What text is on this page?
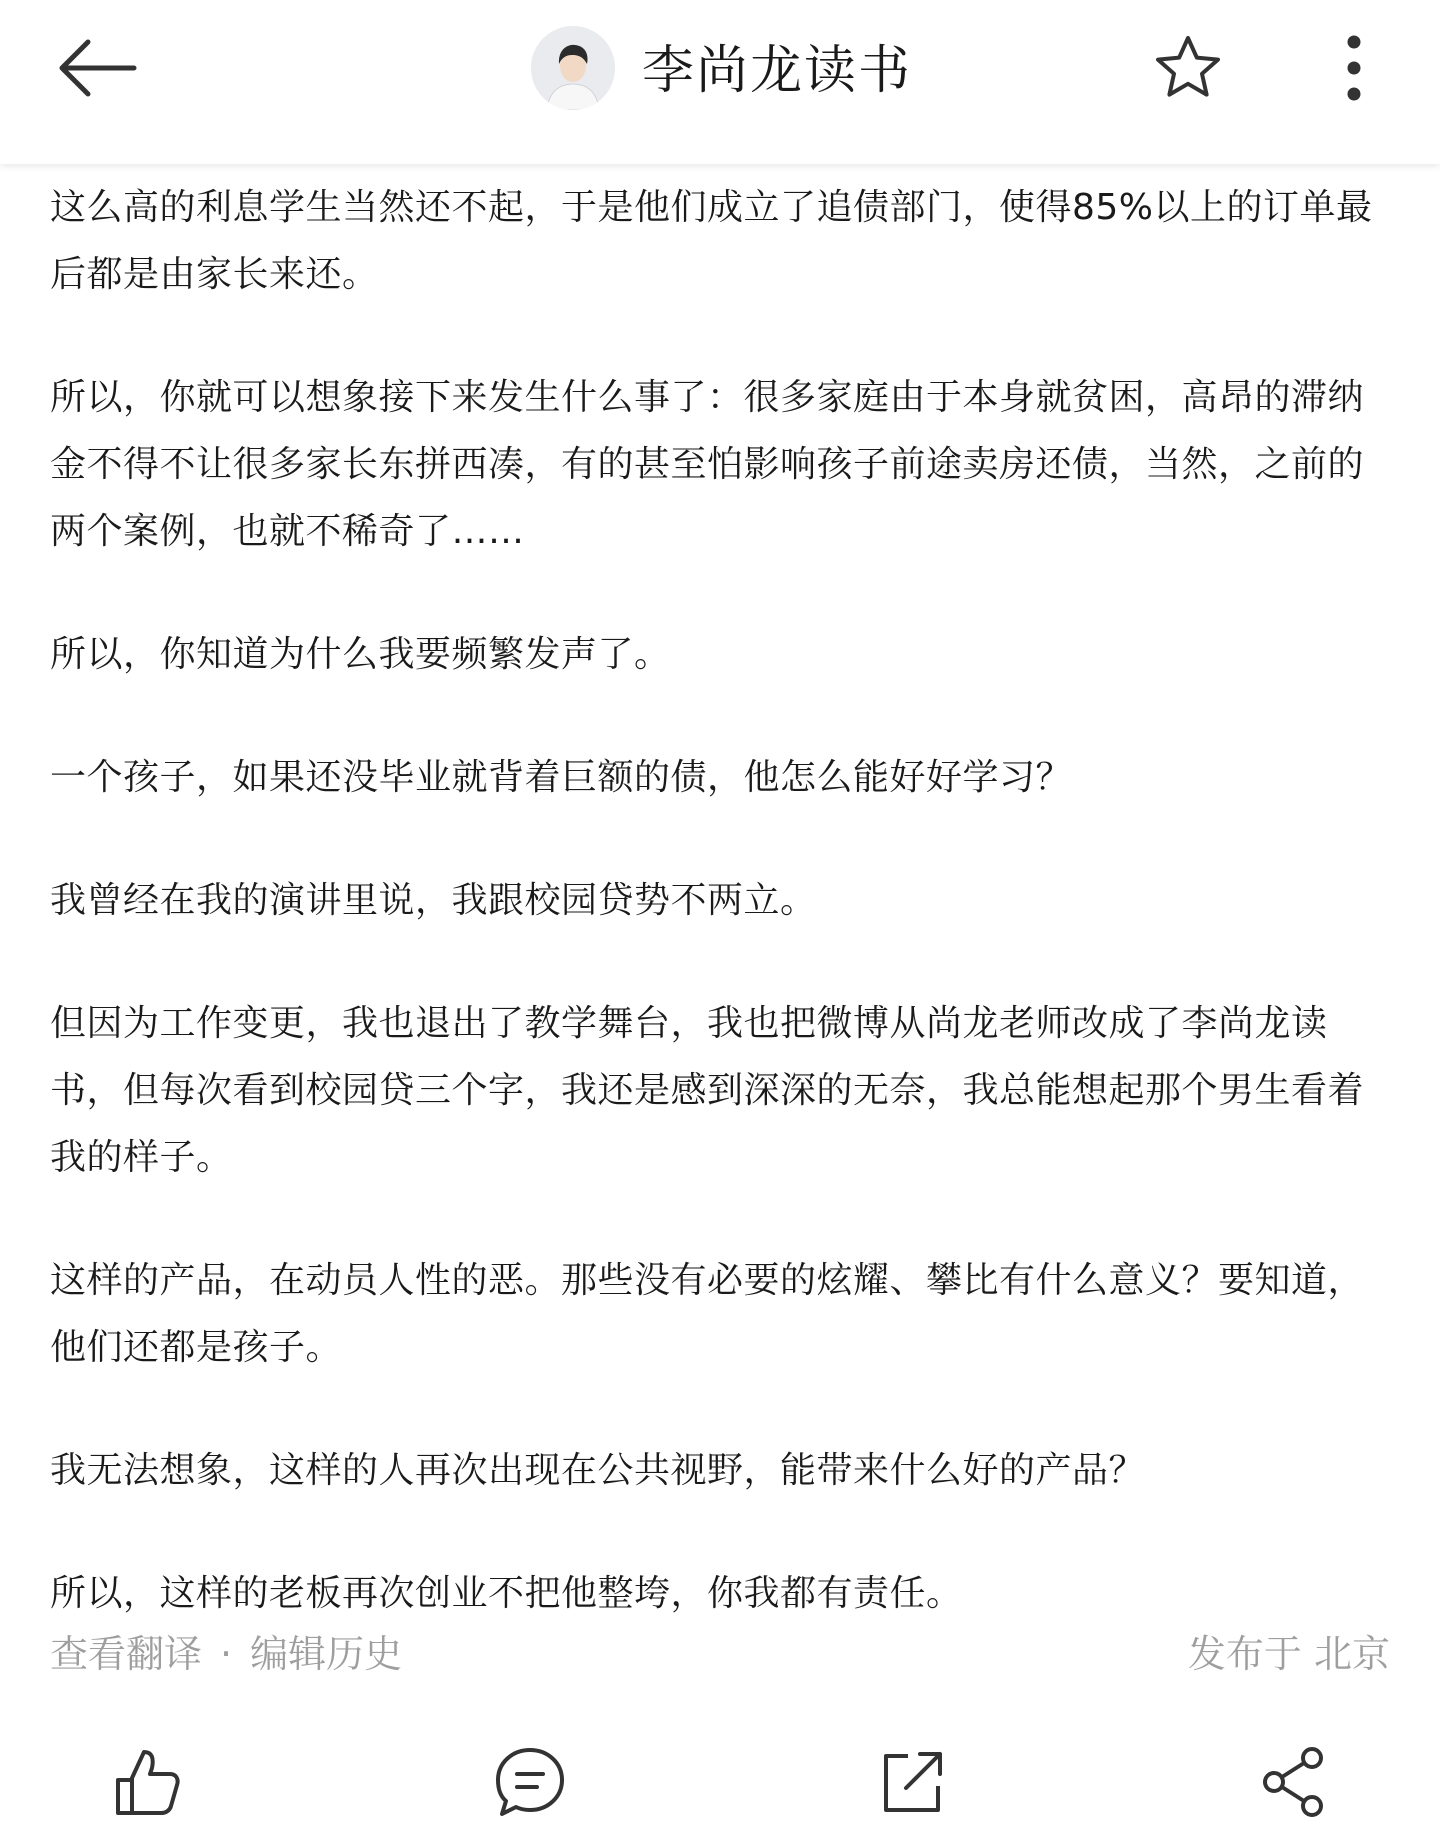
李尚龙读书

这么高的利息学生当然还不起，于是他们成立了追债部门，使得85%以上的订单最
后都是由家长来还。

所以，你就可以想象接下来发生什么事了：很多家庭由于本身就贫困，高昂的滞纳
金不得不让很多家长东拼西凑，有的甚至怕影响孩子前途卖房还债，当然，之前的
两个案例，也就不稀奇了……

所以，你知道为什么我要频繁发声了。

一个孩子，如果还没毕业就背着巨额的债，他怎么能好好学习？

我曾经在我的演讲里说，我跟校园贷势不两立。

但因为工作变更，我也退出了教学舞台，我也把微博从尚龙老师改成了李尚龙读
书，但每次看到校园贷三个字，我还是感到深深的无奈，我总能想起那个男生看着
我的样子。

这样的产品，在动员人性的恶。那些没有必要的炫耀、攀比有什么意义？要知道，
他们还都是孩子。

我无法想象，这样的人再次出现在公共视野，能带来什么好的产品？

所以，这样的老板再次创业不把他整垮，你我都有责任。

查看翻译 · 编辑历史	发布于 北京
